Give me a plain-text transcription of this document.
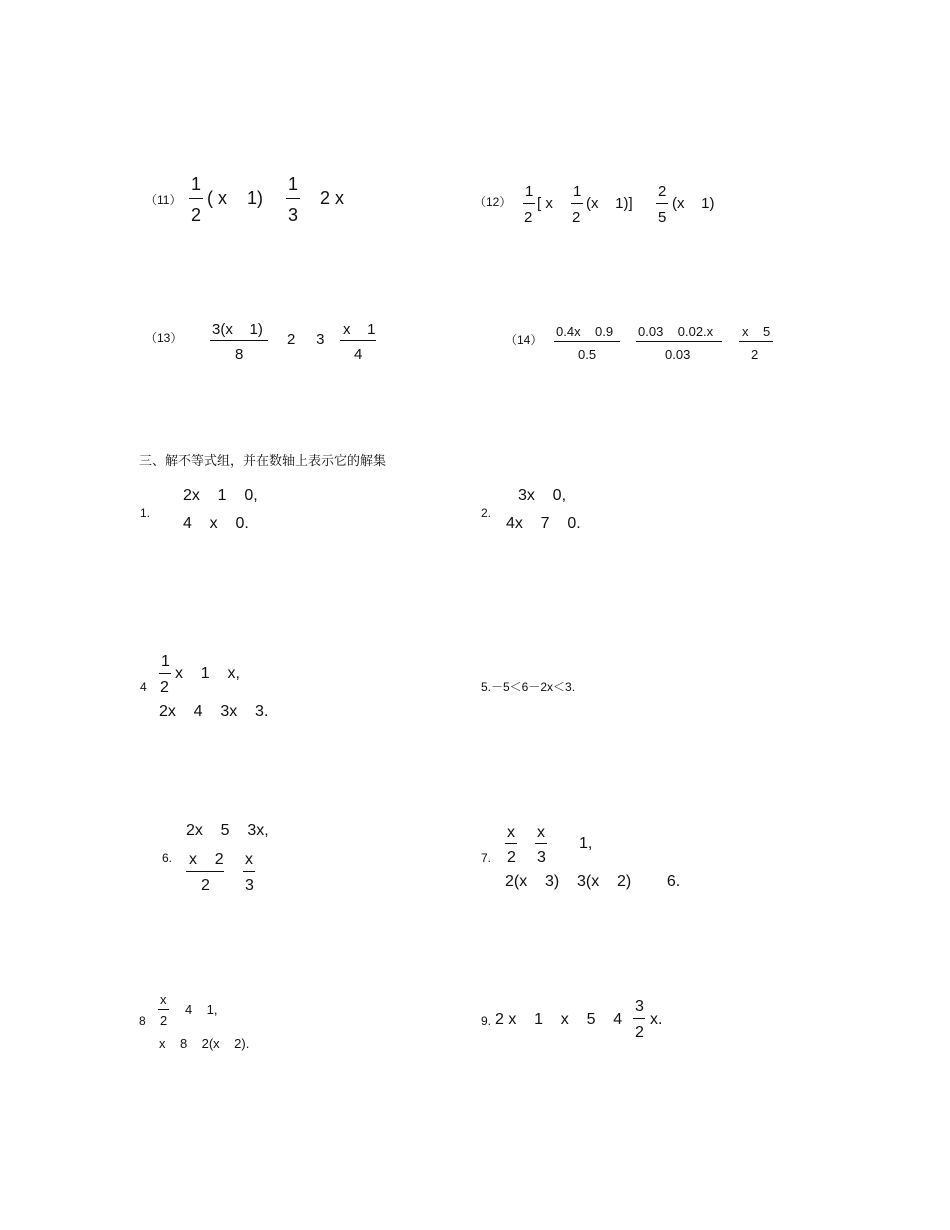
（11）
1
2
( x    1)
1
3
2 x	（12）
1
2
[ x
1
2
(x    1)]
2
5
(x    1)
（13） 3(x    1)
8
2     3
x    1
4
（14）
0.4x    0.9
0.5
0.03    0.02.x
0.03
x    5
2
三、解不等式组，并在数轴上表示它的解集
1.
2x    1    0,
4    x    0.
2.
3x    0,
4x    7    0.
4
1
2
x    1    x,
2x    4    3x    3.
5.－5＜6－2x＜3.
6.
2x    5    3x,
x    2
2
x
3
7.
x
2
x
3
1,
2(x    3)    3(x    2)        6.
8
x
2
4    1,
x    8    2(x    2).
9. 2 x    1    x    5    4
3
2
x.
